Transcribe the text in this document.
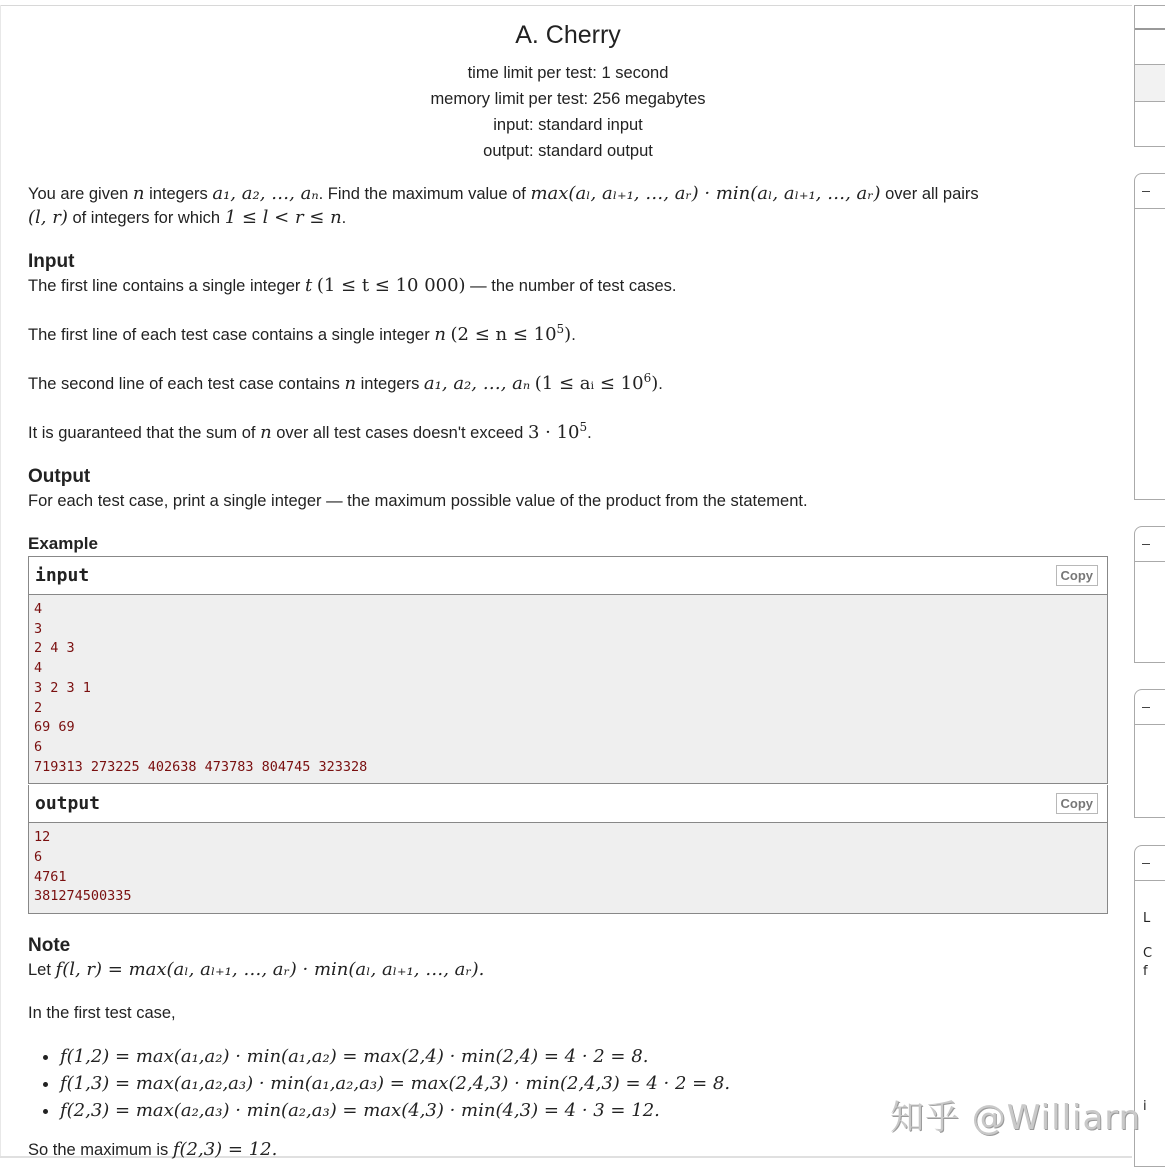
A. Cherry
time limit per test: 1 second
memory limit per test: 256 megabytes
input: standard input
output: standard output
You are given n integers a₁, a₂, …, aₙ. Find the maximum value of max(aₗ, aₗ₊₁, …, aᵣ) · min(aₗ, aₗ₊₁, …, aᵣ) over all pairs
(l, r) of integers for which 1 ≤ l < r ≤ n.
Input

The first line contains a single integer t (1 ≤ t ≤ 10 000) — the number of test cases.

The first line of each test case contains a single integer n $(2 \le n \le 10^5)$.

The second line of each test case contains n integers a₁, a₂, …, aₙ (1 ≤ aᵢ ≤ $10^6$).

It is guaranteed that the sum of n over all test cases doesn't exceed $3 \cdot 10^5$.

Output

For each test case, print a single integer — the maximum possible value of the product from the statement.

Example
input	Copy
4
3
2 4 3
4
3 2 3 1
2
69 69
6
719313 273225 402638 473783 804745 323328
output	Copy
12
6
4761
381274500335
Note

Let f(l, r) = max(aₗ, aₗ₊₁, …, aᵣ) · min(aₗ, aₗ₊₁, …, aᵣ).

In the first test case,

• f(1,2) = max(a₁,a₂) · min(a₁,a₂) = max(2,4) · min(2,4) = 4 · 2 = 8.
• f(1,3) = max(a₁,a₂,a₃) · min(a₁,a₂,a₃) = max(2,4,3) · min(2,4,3) = 4 · 2 = 8.
• f(2,3) = max(a₂,a₃) · min(a₂,a₃) = max(4,3) · min(4,3) = 4 · 3 = 12.

So the maximum is f(2,3) = 12.

L
C
f
i
知乎 @Williarn
